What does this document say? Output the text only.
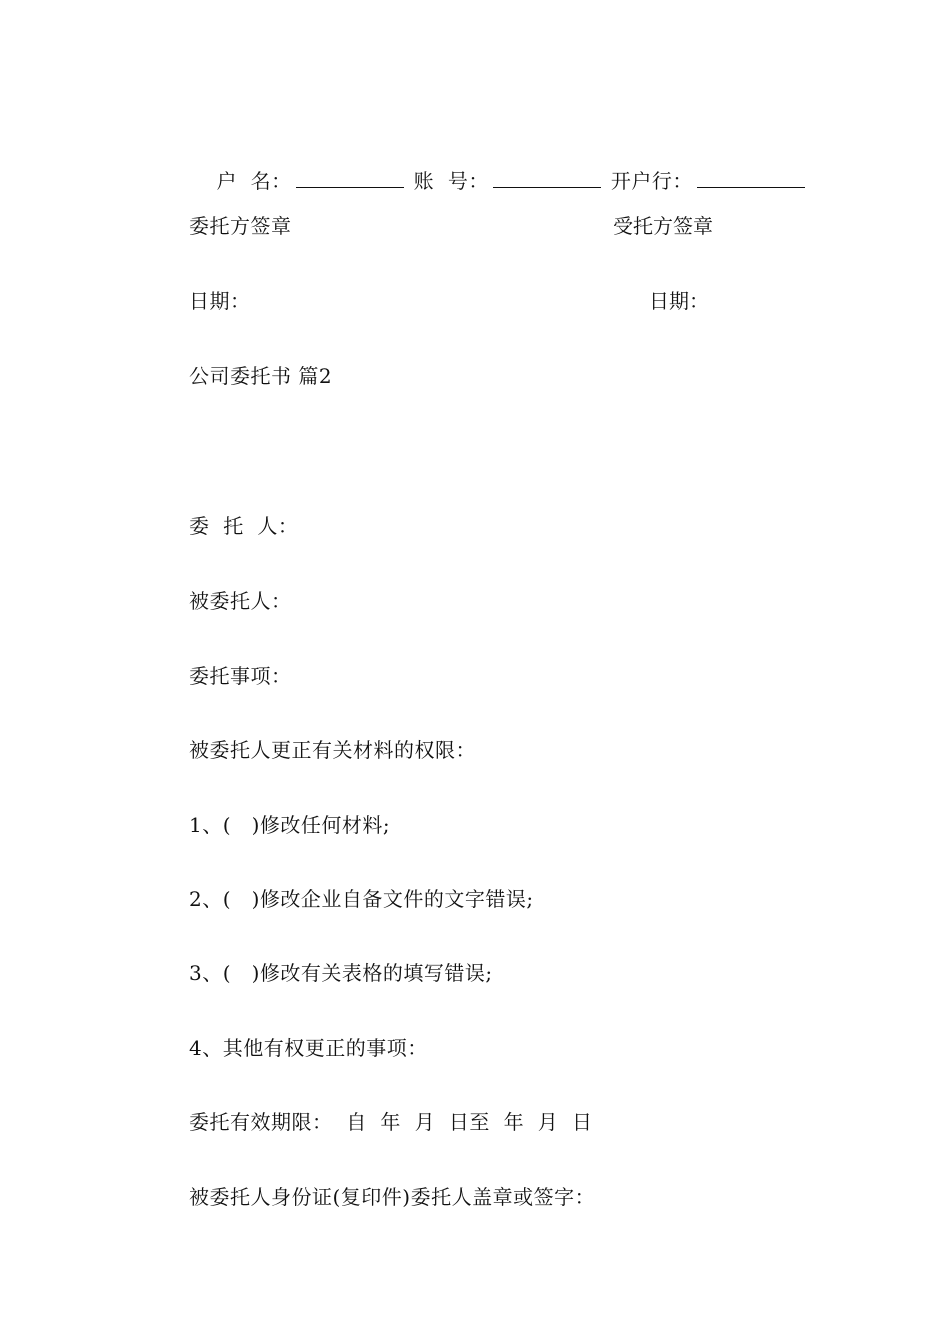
户  名：	账  号：	开户行：

委托方签章	受托方签章
日期：	日期：
公司委托书 篇2
委  托  人：
被委托人：
委托事项：
被委托人更正有关材料的权限：
1、(   )修改任何材料;
2、(   )修改企业自备文件的文字错误;
3、(   )修改有关表格的填写错误;
4、其他有权更正的事项：
委托有效期限：  自  年  月  日至  年  月  日
被委托人身份证(复印件)委托人盖章或签字：
